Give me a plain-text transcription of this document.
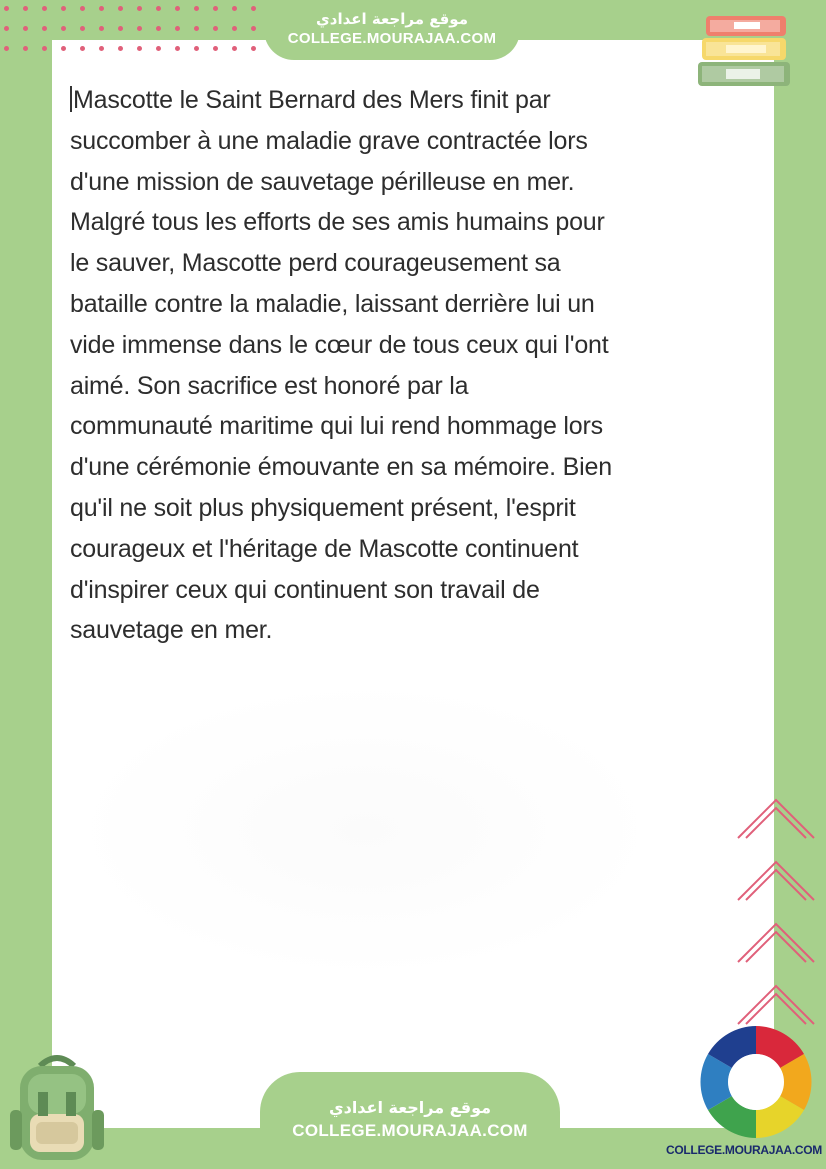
موقع مراجعة اعدادي
COLLEGE.MOURAJAA.COM
Mascotte le Saint Bernard des Mers finit par
succomber à une maladie grave contractée lors
d'une mission de sauvetage périlleuse en mer.
Malgré tous les efforts de ses amis humains pour
le sauver, Mascotte perd courageusement sa
bataille contre la maladie, laissant derrière lui un
vide immense dans le cœur de tous ceux qui l'ont
aimé. Son sacrifice est honoré par la
communauté maritime qui lui rend hommage lors
d'une cérémonie émouvante en sa mémoire. Bien
qu'il ne soit plus physiquement présent, l'esprit
courageux et l'héritage de Mascotte continuent
d'inspirer ceux qui continuent son travail de
sauvetage en mer.
موقع مراجعة اعدادي
COLLEGE.MOURAJAA.COM
COLLEGE.MOURAJAA.COM
